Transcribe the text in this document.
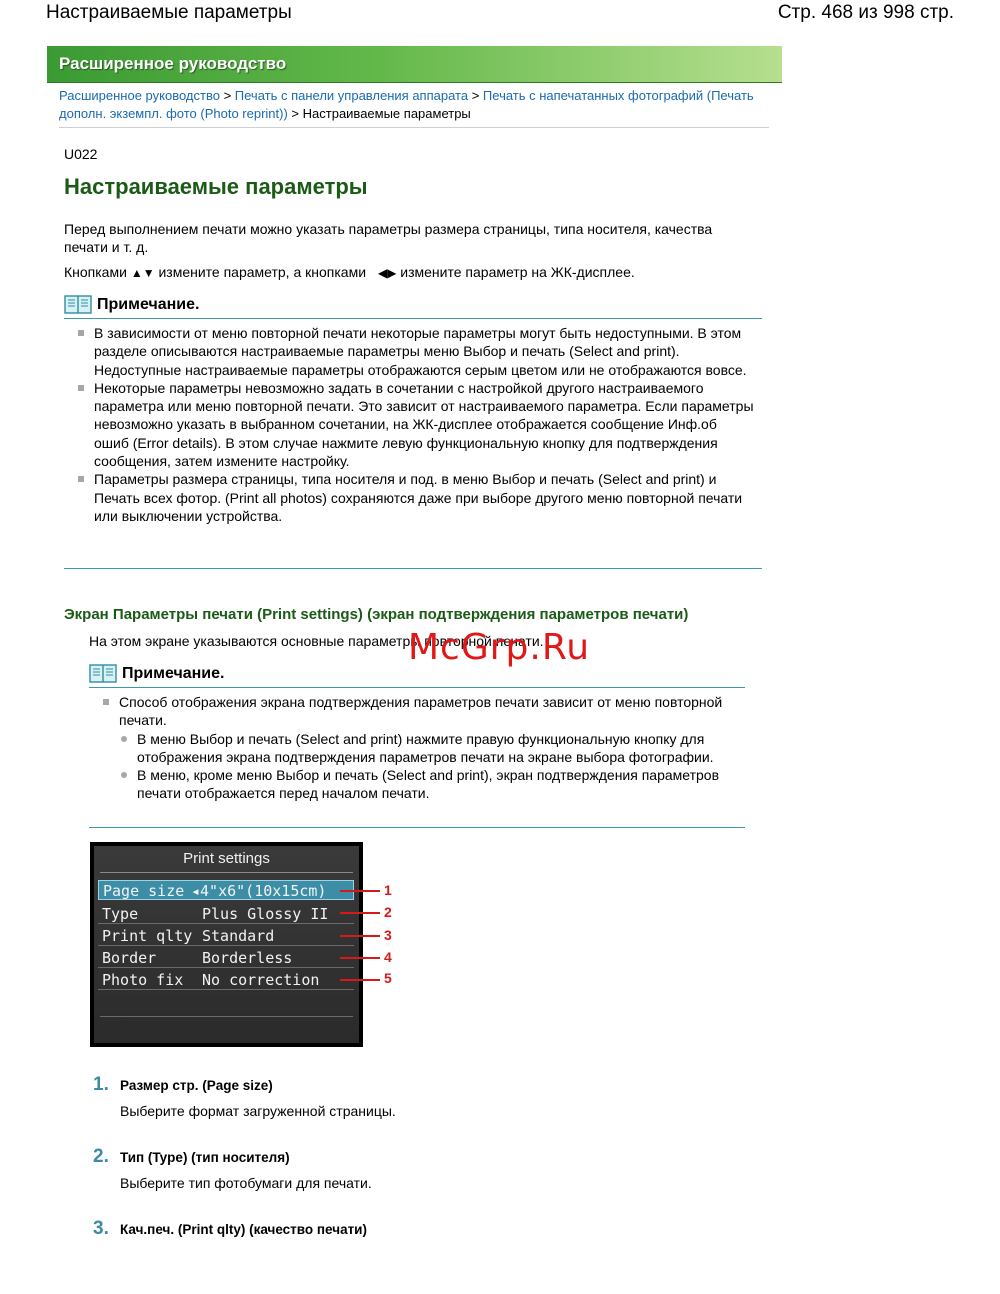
Настраиваемые параметры	Стр. 468 из 998 стр.
Расширенное руководство
Расширенное руководство > Печать с панели управления аппарата > Печать с напечатанных фотографий (Печать дополн. экземпл. фото (Photo reprint)) > Настраиваемые параметры
U022
Настраиваемые параметры
Перед выполнением печати можно указать параметры размера страницы, типа носителя, качества печати и т. д.
Кнопками ▲▼ измените параметр, а кнопками ◀▶ измените параметр на ЖК-дисплее.
Примечание.
В зависимости от меню повторной печати некоторые параметры могут быть недоступными. В этом разделе описываются настраиваемые параметры меню Выбор и печать (Select and print).
Недоступные настраиваемые параметры отображаются серым цветом или не отображаются вовсе.
Некоторые параметры невозможно задать в сочетании с настройкой другого настраиваемого параметра или меню повторной печати. Это зависит от настраиваемого параметра. Если параметры невозможно указать в выбранном сочетании, на ЖК-дисплее отображается сообщение Инф.об ошиб (Error details). В этом случае нажмите левую функциональную кнопку для подтверждения сообщения, затем измените настройку.
Параметры размера страницы, типа носителя и под. в меню Выбор и печать (Select and print) и Печать всех фотор. (Print all photos) сохраняются даже при выборе другого меню повторной печати или выключении устройства.
Экран Параметры печати (Print settings) (экран подтверждения параметров печати)
На этом экране указываются основные параметры повторной печати.
McGrp.Ru
Примечание.
Способ отображения экрана подтверждения параметров печати зависит от меню повторной печати.
В меню Выбор и печать (Select and print) нажмите правую функциональную кнопку для отображения экрана подтверждения параметров печати на экране выбора фотографии.
В меню, кроме меню Выбор и печать (Select and print), экран подтверждения параметров печати отображается перед началом печати.
Print settings
Page size ◂4"x6"(10x15cm)
Type	Plus Glossy II
Print qlty Standard
Border	Borderless
Photo fix No correction
1
2
3
4
5
1. Размер стр. (Page size)
Выберите формат загруженной страницы.
2. Тип (Type) (тип носителя)
Выберите тип фотобумаги для печати.
3. Кач.печ. (Print qlty) (качество печати)
